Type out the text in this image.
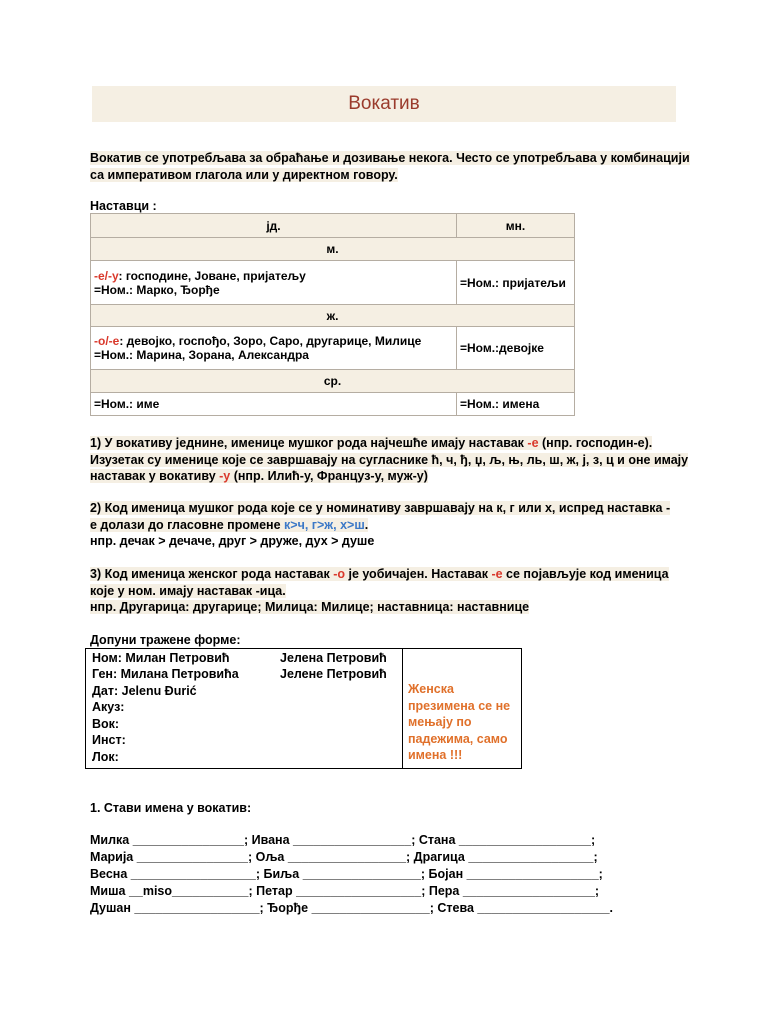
Вокатив
Вокатив се употребљава за обраћање и дозивање некога. Често се употребљава у комбинацији
са императивом глагола или у директном говору.
Наставци :
јд.	мн.
м.	
-е/-у: господине, Јоване, пријатељу
=Ном.: Марко, Ђорђе	=Ном.: пријатељи
ж.	
-о/-е: девојко, госпођо, Зоро, Саро, другарице, Милице
=Ном.: Марина, Зорана, Александра	=Ном.:девојке
ср.	
=Ном.: име	=Ном.: имена
1) У вокативу једнине, именице мушког рода најчешће имају наставак -е (нпр. господин-е).
Изузетак су именице које се завршавају на сугласнике ћ, ч, ђ, џ, љ, њ, ль, ш, ж, ј, з, ц и оне имају
наставак у вокативу -у (нпр. Илић-у, Француз-у, муж-у)
2) Код именица мушког рода које се у номинативу завршавају на к, г или х, испред наставка -
е долази до гласовне промене к>ч, г>ж, х>ш.
нпр. дечак > дечаче, друг > друже, дух > душе
3) Код именица женског рода наставак -о је уобичајен. Наставак -е се појављује код именица
које у ном. имају наставак -ица.
нпр. Другарица: другарице; Милица: Милице; наставница: наставнице
Допуни тражене форме:
Ном: Милан Петровић	Јелена Петровић
Ген: Милана Петровића	Јелене Петровић
Дат: Jelenu Đurić
Акуз:
Вок:
Инст:
Лок:
Женска
презимена се не
мењају по
падежима, само
имена !!!
1. Стави имена у вокатив:
Милка ________________; Ивана _________________; Стана ___________________;
Марија ________________; Оља _________________; Драгица __________________;
Весна __________________; Биља _________________; Бојан ___________________;
Миша __miso___________; Петар __________________; Пера ___________________;
Душан __________________; Ђорђе _________________; Стева ___________________.
